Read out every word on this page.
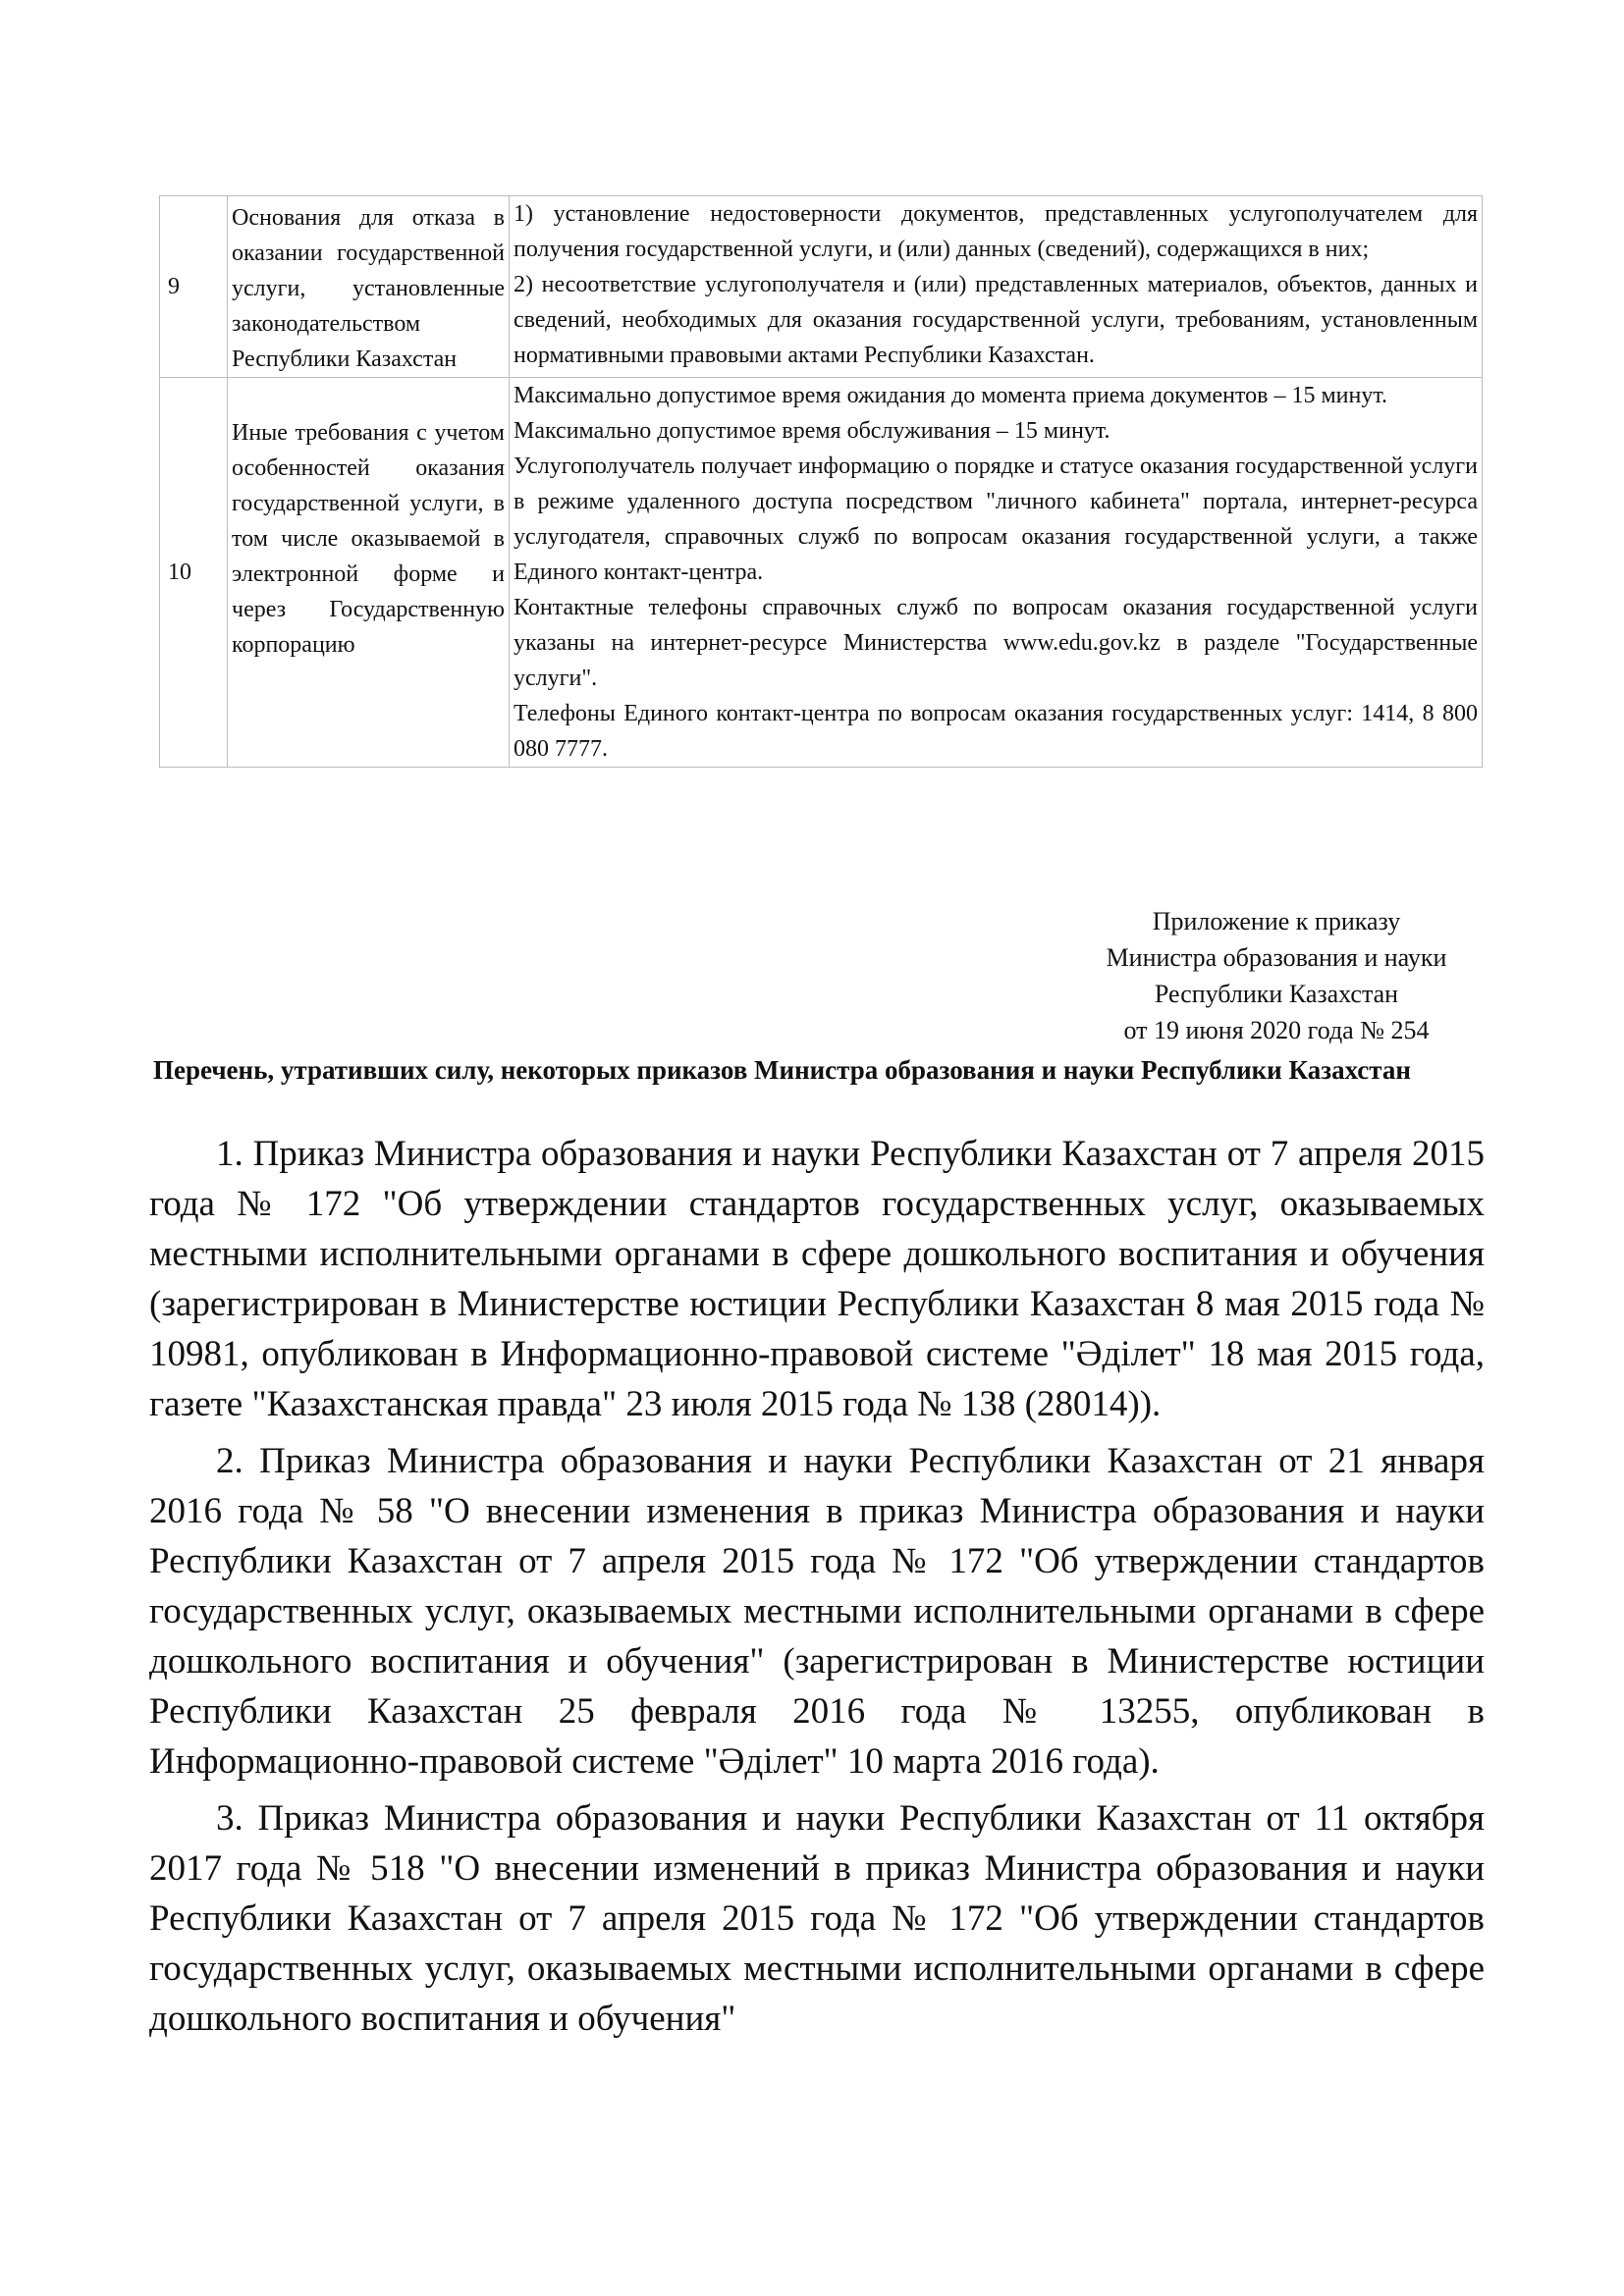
9	Основания для отказа в оказании государственной услуги, установленные законодательством Республики Казахстан	1) установление недостоверности документов, представленных услугополучателем для получения государственной услуги, и (или) данных (сведений), содержащихся в них;
2) несоответствие услугополучателя и (или) представленных материалов, объектов, данных и сведений, необходимых для оказания государственной услуги, требованиям, установленным нормативными правовыми актами Республики Казахстан.

10	Иные требования с учетом особенностей оказания государственной услуги, в том числе оказываемой в электронной форме и через Государственную корпорацию	Максимально допустимое время ожидания до момента приема документов – 15 минут.
Максимально допустимое время обслуживания – 15 минут.
Услугополучатель получает информацию о порядке и статусе оказания государственной услуги в режиме удаленного доступа посредством "личного кабинета" портала, интернет-ресурса услугодателя, справочных служб по вопросам оказания государственной услуги, а также Единого контакт-центра.
Контактные телефоны справочных служб по вопросам оказания государственной услуги указаны на интернет-ресурсе Министерства www.edu.gov.kz в разделе "Государственные услуги".
Телефоны Единого контакт-центра по вопросам оказания государственных услуг: 1414, 8 800 080 7777.
Приложение к приказу
Министра образования и науки
Республики Казахстан
от 19 июня 2020 года № 254
Перечень, утративших силу, некоторых приказов Министра образования и науки Республики Казахстан

1. Приказ Министра образования и науки Республики Казахстан от 7 апреля 2015 года № 172 "Об утверждении стандартов государственных услуг, оказываемых местными исполнительными органами в сфере дошкольного воспитания и обучения (зарегистрирован в Министерстве юстиции Республики Казахстан 8 мая 2015 года № 10981, опубликован в Информационно-правовой системе "Әділет" 18 мая 2015 года, газете "Казахстанская правда" 23 июля 2015 года № 138 (28014)).

2. Приказ Министра образования и науки Республики Казахстан от 21 января 2016 года № 58 "О внесении изменения в приказ Министра образования и науки Республики Казахстан от 7 апреля 2015 года № 172 "Об утверждении стандартов государственных услуг, оказываемых местными исполнительными органами в сфере дошкольного воспитания и обучения" (зарегистрирован в Министерстве юстиции Республики Казахстан 25 февраля 2016 года № 13255, опубликован в Информационно-правовой системе "Әділет" 10 марта 2016 года).

3. Приказ Министра образования и науки Республики Казахстан от 11 октября 2017 года № 518 "О внесении изменений в приказ Министра образования и науки Республики Казахстан от 7 апреля 2015 года № 172 "Об утверждении стандартов государственных услуг, оказываемых местными исполнительными органами в сфере дошкольного воспитания и обучения"
